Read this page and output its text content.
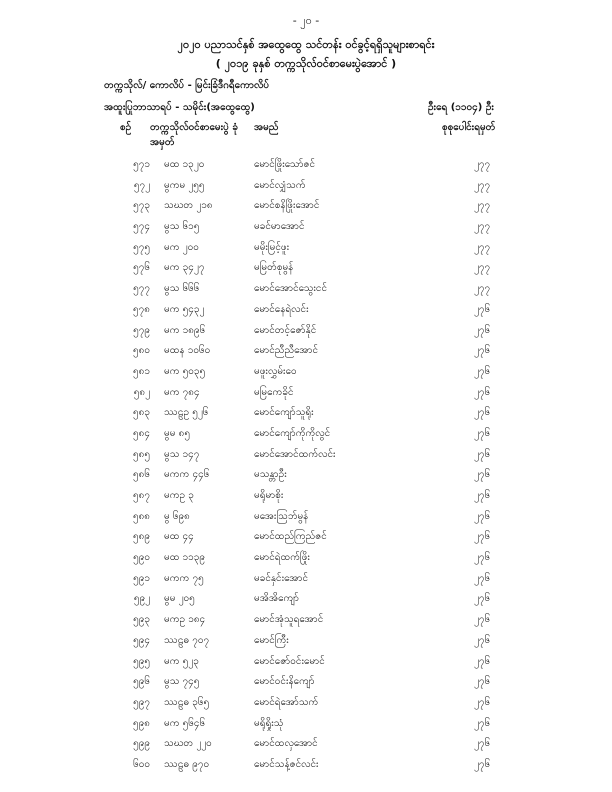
- ၂၀ -
၂၀၂၀ ပညာသင်နှစ် အထွေထွေ သင်တန်း ဝင်ခွင့်ရရှိသူများစာရင်း
( ၂၀၁၉ ခုနှစ် တက္ကသိုလ်ဝင်စာမေးပွဲအောင် )
တက္ကသိုလ်/ ကောလိပ် - မြင်းခြံဒီဂရီကောလိပ်
အထူးပြုဘာသာရပ် - သမိုင်း(အထွေထွေ)	ဦးရေ (၁၁၀၄) ဦး
စဉ် တက္ကသိုလ်ဝင်စာမေးပွဲ ခုံအမှတ်
အမည်	စုစုပေါင်းရမှတ်
၅၇၁ မထ ၁၃၂၀	မောင်ဖြိုးသော်ဇင်	၂၇၇
၅၇၂ မွကမ ၂၅၅	မောင်လျှံသက်	၂၇၇
၅၇၃ သဃတ ၂၁၈	မောင်စနိဖြိုးအောင်	၂၇၇
၅၇၄ မွသ ၆၁၅	မခင်မာအောင်	၂၇၇
၅၇၅ မက ၂၀၀	မမိုးမြင့်ဖူး	၂၇၇
၅၇၆ မက ၃၄၂၇	မမြတ်စုမွန်	၂၇၇
၅၇၇ မွသ ၆၆၆	မောင်အောင်သွေးငင်	၂၇၇
၅၇၈ မက ၅၄၃၂	မောင်နေရဲလင်း	၂၇၆
၅၇၉ မက ၁၈၉၆	မောင်တင့်ဇော်နိုင်	၂၇၆
၅၈၀ မထန ၁၀၆၀	မောင်ညီညီအောင်	၂၇၆
၅၈၁ မက ၅၀၃၅	မဖူးလွှမ်းဝေ	၂၇၆
၅၈၂ မက ၇၈၄	မမြကေခိုင်	၂၇၆
၅၈၃ ဿဠဥ ၅၂၆	မောင်ကျော်သူရိုး	၂၇၆
၅၈၄ မွမ ၈၅	မောင်ကျော်ကိုကိုလွင်	၂၇၆
၅၈၅ မွသ ၁၄၇	မောင်အောင်ထက်လင်း	၂၇၆
၅၈၆ မကက ၄၄၆	မသန္တာဦး	၂၇၆
၅၈၇ မကဥ ၃	မရိုမာစိုး	၂၇၆
၅၈၈ မွ ၆၉၈	မအေးသြဘ်မွန်	၂၇၆
၅၈၉ မထ ၄၄	မောင်ထည်ကြည်ဇင်	၂၇၆
၅၉၀ မထ ၁၁၃၉	မောင်ရဲထက်ဖြိုး	၂၇၆
၅၉၁ မကက ၇၅	မခင်နှင်းအောင်	၂၇၆
၅၉၂ မွမ ၂၀၅	မအိအိကျော်	၂၇၆
၅၉၃ မကဥ ၁၈၄	မောင်အုံသူရအောင်	၂၇၆
၅၉၄ ဿဠဓ ၇၀၇	မောင်ကြီး	၂၇၆
၅၉၅ မက ၅၂၃	မောင်ဇော်ဝင်းမောင်	၂၇၆
၅၉၆ မွသ ၇၄၅	မောင်ဝင်းနိကျော်	၂၇၆
၅၉၇ ဿဠဓ ၃၆၅	မောင်ရဲအော်သက်	၂၇၆
၅၉၈ မက ၅၆၄၆	မရိုရှိုးသုံ	၂၇၆
၅၉၉ သဃတ ၂၂၀	မောင်ထလှအောင်	၂၇၆
၆၀၀ ဿဠဓ ၉၇၀	မောင်သန့်ဇင်လင်း	၂၇၆
